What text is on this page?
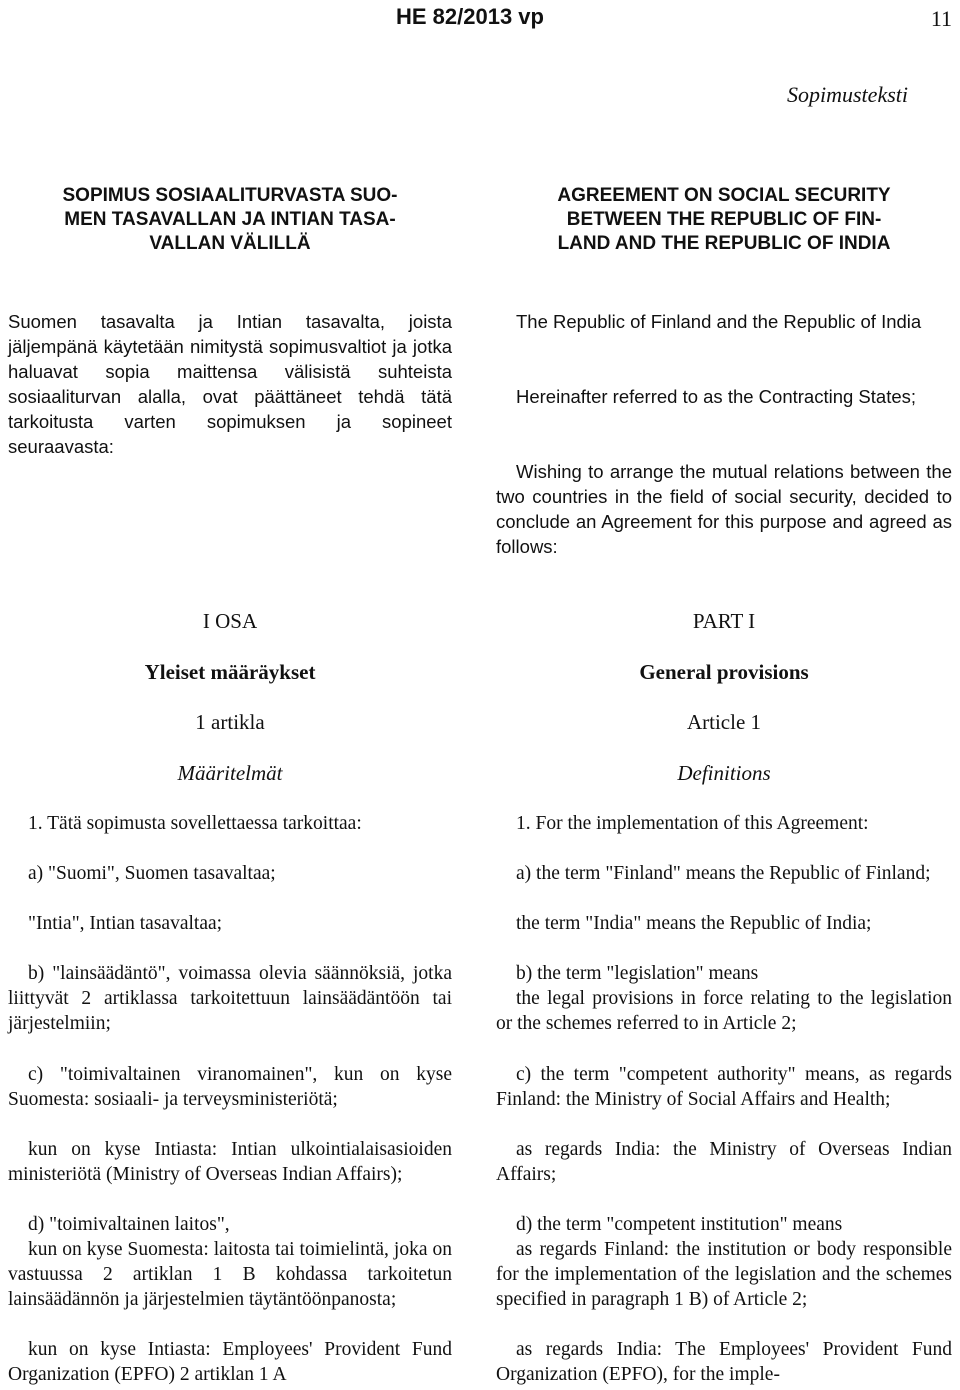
HE 82/2013 vp	11
Sopimusteksti
SOPIMUS SOSIAALITURVASTA SUO-
MEN TASAVALLAN JA INTIAN TASA-
VALLAN VÄLILLÄ
Suomen tasavalta ja Intian tasavalta, joista jäljempänä käytetään nimitystä sopimusvaltiot ja jotka haluavat sopia maittensa välisistä suhteista sosiaaliturvan alalla, ovat päättäneet tehdä tätä tarkoitusta varten sopimuksen ja sopineet seuraavasta:
I OSA
Yleiset määräykset
1 artikla
Määritelmät
1. Tätä sopimusta sovellettaessa tarkoittaa:
a) "Suomi", Suomen tasavaltaa;
"Intia", Intian tasavaltaa;
b) "lainsäädäntö", voimassa olevia säännöksiä, jotka liittyvät 2 artiklassa tarkoitettuun lainsäädäntöön tai järjestelmiin;
c) "toimivaltainen viranomainen", kun on kyse Suomesta: sosiaali- ja terveysministeriötä;
kun on kyse Intiasta: Intian ulkointialaisasioiden ministeriötä (Ministry of Overseas Indian Affairs);
d) "toimivaltainen laitos",
kun on kyse Suomesta: laitosta tai toimielintä, joka on vastuussa 2 artiklan 1 B kohdassa tarkoitetun lainsäädännön ja järjestelmien täytäntöönpanosta;
kun on kyse Intiasta: Employees' Provident Fund Organization (EPFO) 2 artiklan 1 A
AGREEMENT ON SOCIAL SECURITY
BETWEEN THE REPUBLIC OF FIN-
LAND AND THE REPUBLIC OF INDIA
The Republic of Finland and the Republic of India
Hereinafter referred to as the Contracting States;
Wishing to arrange the mutual relations between the two countries in the field of social security, decided to conclude an Agreement for this purpose and agreed as follows:
PART I
General provisions
Article 1
Definitions
1. For the implementation of this Agreement:
a) the term "Finland" means the Republic of Finland;
the term "India" means the Republic of India;
b) the term "legislation" means
the legal provisions in force relating to the legislation or the schemes referred to in Article 2;
c) the term "competent authority" means, as regards Finland: the Ministry of Social Affairs and Health;
as regards India: the Ministry of Overseas Indian Affairs;
d) the term "competent institution" means
as regards Finland: the institution or body responsible for the implementation of the legislation and the schemes specified in paragraph 1 B) of Article 2;
as regards India: The Employees' Provident Fund Organization (EPFO), for the imple-
